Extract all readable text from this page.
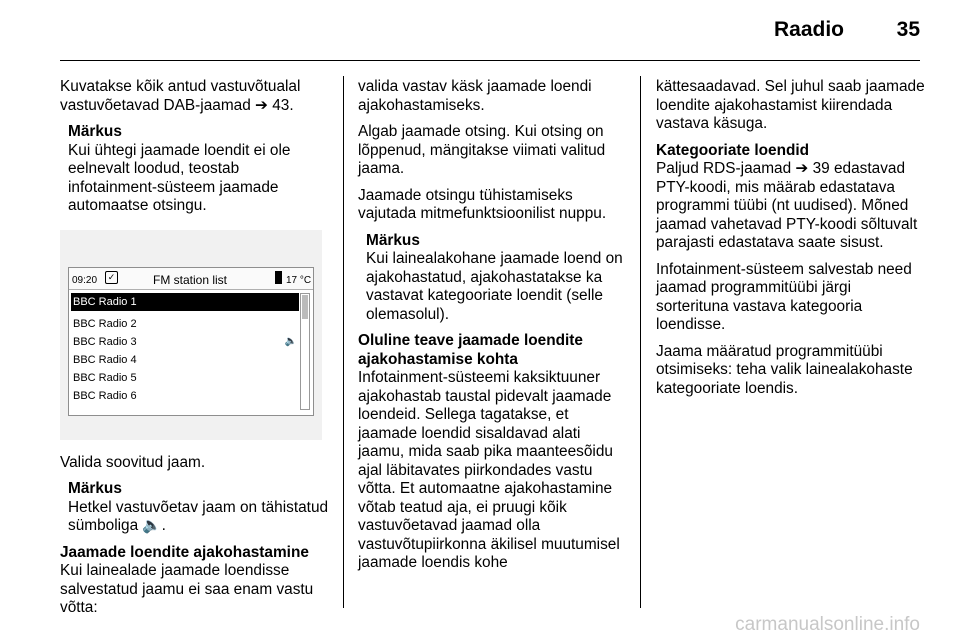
Raadio	35

Kuvatakse kõik antud vastuvõtualal vastuvõetavad DAB-jaamad ➔ 43.

Märkus
Kui ühtegi jaamade loendit ei ole eelnevalt loodud, teostab infotainment-süsteem jaamade automaatse otsingu.
09:20	✓	FM station list	17 °C
BBC Radio 1
BBC Radio 2
BBC Radio 3	🔈
BBC Radio 4
BBC Radio 5
BBC Radio 6

Valida soovitud jaam.

Märkus
Hetkel vastuvõetav jaam on tähistatud sümboliga 🔈.
Jaamade loendite ajakohastamine

Kui lainealade jaamade loendisse salvestatud jaamu ei saa enam vastu võtta:

valida vastav käsk jaamade loendi ajakohastamiseks.

Algab jaamade otsing. Kui otsing on lõppenud, mängitakse viimati valitud jaama.

Jaamade otsingu tühistamiseks vajutada mitmefunktsioonilist nuppu.

Märkus
Kui lainealakohane jaamade loend on ajakohastatud, ajakohastatakse ka vastavat kategooriate loendit (selle olemasolul).
Oluline teave jaamade loendite ajakohastamise kohta

Infotainment-süsteemi kaksiktuuner ajakohastab taustal pidevalt jaamade loendeid. Sellega tagatakse, et jaamade loendid sisaldavad alati jaamu, mida saab pika maanteesõidu ajal läbitavates piirkondades vastu võtta. Et automaatne ajakohastamine võtab teatud aja, ei pruugi kõik vastuvõetavad jaamad olla vastuvõtupiirkonna äkilisel muutumisel jaamade loendis kohe

kättesaadavad. Sel juhul saab jaamade loendite ajakohastamist kiirendada vastava käsuga.

Kategooriate loendid

Paljud RDS-jaamad ➔ 39 edastavad PTY-koodi, mis määrab edastatava programmi tüübi (nt uudised). Mõned jaamad vahetavad PTY-koodi sõltuvalt parajasti edastatava saate sisust.

Infotainment-süsteem salvestab need jaamad programmitüübi järgi sorterituna vastava kategooria loendisse.

Jaama määratud programmitüübi otsimiseks: teha valik lainealakohaste kategooriate loendis.

carmanualsonline.info
